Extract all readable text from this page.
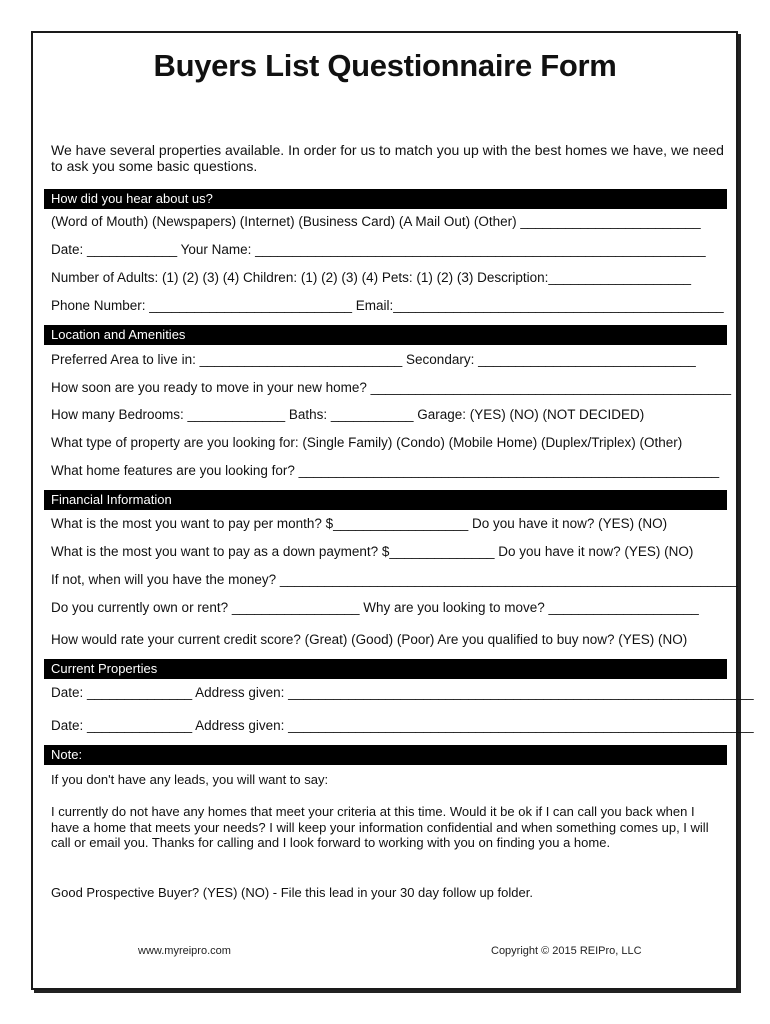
Buyers List Questionnaire Form
We have several properties available. In order for us to match you up with the best homes we have, we need to ask you some basic questions.
How did you hear about us?
(Word of Mouth) (Newspapers) (Internet) (Business Card) (A Mail Out) (Other) ________________________
Date: ____________ Your Name: ____________________________________________________________
Number of Adults: (1) (2) (3) (4) Children: (1) (2) (3) (4) Pets: (1) (2) (3) Description:___________________
Phone Number: ___________________________ Email:____________________________________________
Location and Amenities
Preferred Area to live in: ___________________________ Secondary: _____________________________
How soon are you ready to move in your new home? ________________________________________________
How many Bedrooms: _____________ Baths: ___________ Garage: (YES) (NO) (NOT DECIDED)
What type of property are you looking for: (Single Family) (Condo) (Mobile Home) (Duplex/Triplex) (Other)
What home features are you looking for? ________________________________________________________
Financial Information
What is the most you want to pay per month? $__________________ Do you have it now? (YES) (NO)
What is the most you want to pay as a down payment? $______________ Do you have it now? (YES) (NO)
If not, when will you have the money? _____________________________________________________________
Do you currently own or rent? _________________ Why are you looking to move? ____________________
How would rate your current credit score? (Great) (Good) (Poor) Are you qualified to buy now? (YES) (NO)
Current Properties
Date: ______________ Address given: ______________________________________________________________
Date: ______________ Address given: ______________________________________________________________
Note:
If you don't have any leads, you will want to say:
I currently do not have any homes that meet your criteria at this time. Would it be ok if I can call you back when I have a home that meets your needs? I will keep your information confidential and when something comes up, I will call or email you. Thanks for calling and I look forward to working with you on finding you a home.
Good Prospective Buyer? (YES) (NO) - File this lead in your 30 day follow up folder.
www.myreipro.com	Copyright © 2015 REIPro, LLC
